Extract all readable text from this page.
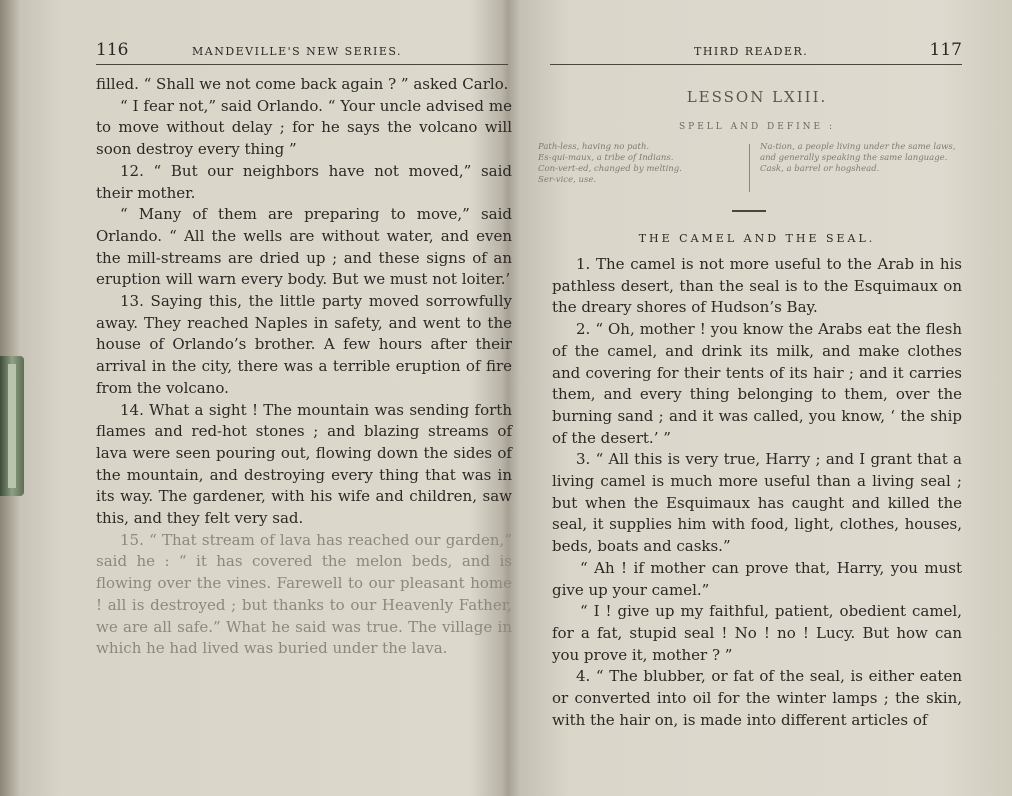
116	MANDEVILLE'S NEW SERIES.

filled. “ Shall we not come back again ? ” asked Carlo.

“ I fear not,” said Orlando. “ Your uncle advised me to move without delay ; for he says the volcano will soon destroy every thing ”

12. “ But our neighbors have not moved,” said their mother.

“ Many of them are preparing to move,” said Orlando. “ All the wells are without water, and even the mill-streams are dried up ; and these signs of an eruption will warn every body. But we must not loiter.’

13. Saying this, the little party moved sorrowfully away. They reached Naples in safety, and went to the house of Orlando’s brother. A few hours after their arrival in the city, there was a terrible eruption of fire from the volcano.

14. What a sight ! The mountain was sending forth flames and red-hot stones ; and blazing streams of lava were seen pouring out, flowing down the sides of the mountain, and destroying every thing that was in its way. The gardener, with his wife and children, saw this, and they felt very sad.

15. “ That stream of lava has reached our garden,” said he : “ it has covered the melon beds, and is flowing over the vines. Farewell to our pleasant home ! all is destroyed ; but thanks to our Heavenly Father, we are all safe.” What he said was true. The village in which he had lived was buried under the lava.

THIRD READER.	117
LESSON LXIII.
SPELL AND DEFINE :
Path-less, having no path.
Es-qui-maux, a tribe of Indians.
Con-vert-ed, changed by melting.
Ser-vice, use.
Na-tion, a people living under the same laws, and generally speaking the same language.
Cask, a barrel or hogshead.
THE CAMEL AND THE SEAL.

1. The camel is not more useful to the Arab in his pathless desert, than the seal is to the Esquimaux on the dreary shores of Hudson’s Bay.

2. “ Oh, mother ! you know the Arabs eat the flesh of the camel, and drink its milk, and make clothes and covering for their tents of its hair ; and it carries them, and every thing belonging to them, over the burning sand ; and it was called, you know, ‘ the ship of the desert.’ ”

3. “ All this is very true, Harry ; and I grant that a living camel is much more useful than a living seal ; but when the Esquimaux has caught and killed the seal, it supplies him with food, light, clothes, houses, beds, boats and casks.”

“ Ah ! if mother can prove that, Harry, you must give up your camel.”

“ I ! give up my faithful, patient, obedient camel, for a fat, stupid seal ! No ! no ! Lucy. But how can you prove it, mother ? ”

4. “ The blubber, or fat of the seal, is either eaten or converted into oil for the winter lamps ; the skin, with the hair on, is made into different articles of
